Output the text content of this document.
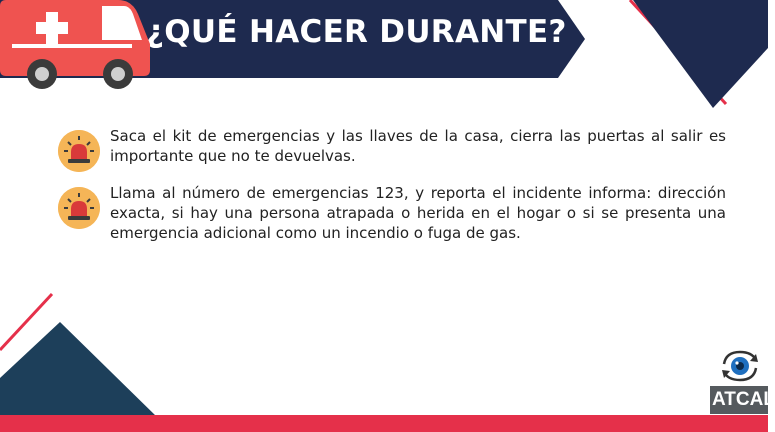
¿QUÉ HACER DURANTE?
Saca el kit de emergencias y las llaves de la casa, cierra las puertas al salir es importante que no te devuelvas.
Llama al número de emergencias 123, y reporta el incidente informa: dirección exacta, si hay una persona atrapada o herida en el hogar o si se presenta una emergencia adicional como un incendio o fuga de gas.
ATCAL
